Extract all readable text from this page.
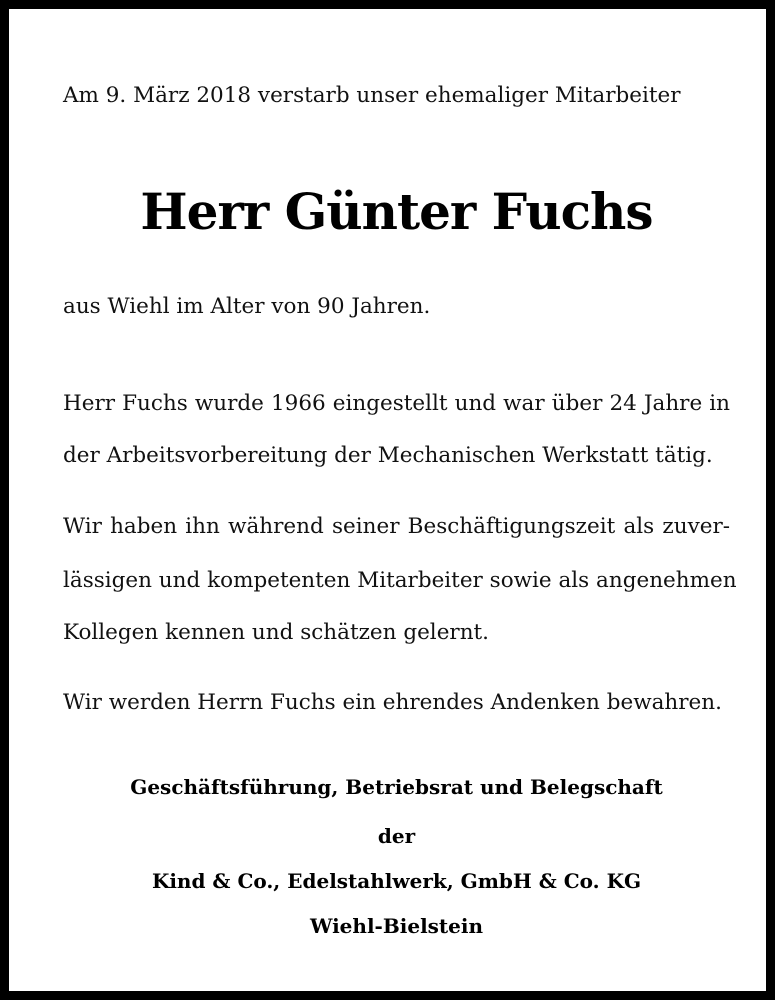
Am 9. März 2018 verstarb unser ehemaliger Mitarbeiter

Herr Günter Fuchs

aus Wiehl im Alter von 90 Jahren.

Herr Fuchs wurde 1966 eingestellt und war über 24 Jahre in

der Arbeitsvorbereitung der Mechanischen Werkstatt tätig.

Wir haben ihn während seiner Beschäftigungszeit als zuver-

lässigen und kompetenten Mitarbeiter sowie als angenehmen

Kollegen kennen und schätzen gelernt.

Wir werden Herrn Fuchs ein ehrendes Andenken bewahren.

Geschäftsführung, Betriebsrat und Belegschaft

der

Kind & Co., Edelstahlwerk, GmbH & Co. KG

Wiehl-Bielstein
